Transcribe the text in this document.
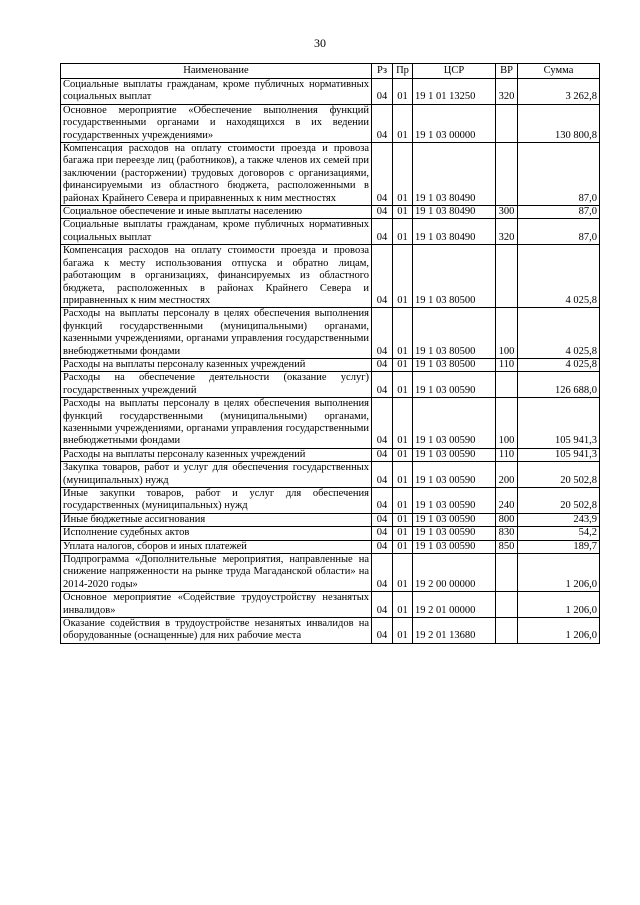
30
Наименование	Рз	Пр	ЦСР	ВР	Сумма
Социальные выплаты гражданам, кроме публичных нормативных социальных выплат	04	01	19 1 01 13250	320	3 262,8
Основное мероприятие «Обеспечение выполнения функций государственными органами и находящихся в их ведении государственных учреждениями»	04	01	19 1 03 00000		130 800,8
Компенсация расходов на оплату стоимости проезда и провоза багажа при переезде лиц (работников), а также членов их семей при заключении (расторжении) трудовых договоров с организациями, финансируемыми из областного бюджета, расположенными в районах Крайнего Севера и приравненных к ним местностях	04	01	19 1 03 80490		87,0
Социальное обеспечение и иные выплаты населению	04	01	19 1 03 80490	300	87,0
Социальные выплаты гражданам, кроме публичных нормативных социальных выплат	04	01	19 1 03 80490	320	87,0
Компенсация расходов на оплату стоимости проезда и провоза багажа к месту использования отпуска и обратно лицам, работающим в организациях, финансируемых из областного бюджета, расположенных в районах Крайнего Севера и приравненных к ним местностях	04	01	19 1 03 80500		4 025,8
Расходы на выплаты персоналу в целях обеспечения выполнения функций государственными (муниципальными) органами, казенными учреждениями, органами управления государственными внебюджетными фондами	04	01	19 1 03 80500	100	4 025,8
Расходы на выплаты персоналу казенных учреждений	04	01	19 1 03 80500	110	4 025,8
Расходы на обеспечение деятельности (оказание услуг) государственных учреждений	04	01	19 1 03 00590		126 688,0
Расходы на выплаты персоналу в целях обеспечения выполнения функций государственными (муниципальными) органами, казенными учреждениями, органами управления государственными внебюджетными фондами	04	01	19 1 03 00590	100	105 941,3
Расходы на выплаты персоналу казенных учреждений	04	01	19 1 03 00590	110	105 941,3
Закупка товаров, работ и услуг для обеспечения государственных (муниципальных) нужд	04	01	19 1 03 00590	200	20 502,8
Иные закупки товаров, работ и услуг для обеспечения государственных (муниципальных) нужд	04	01	19 1 03 00590	240	20 502,8
Иные бюджетные ассигнования	04	01	19 1 03 00590	800	243,9
Исполнение судебных актов	04	01	19 1 03 00590	830	54,2
Уплата налогов, сборов и иных платежей	04	01	19 1 03 00590	850	189,7
Подпрограмма «Дополнительные мероприятия, направленные на снижение напряженности на рынке труда Магаданской области» на 2014-2020 годы»	04	01	19 2 00 00000		1 206,0
Основное мероприятие «Содействие трудоустройству незанятых инвалидов»	04	01	19 2 01 00000		1 206,0
Оказание содействия в трудоустройстве незанятых инвалидов на оборудованные (оснащенные) для них рабочие места	04	01	19 2 01 13680		1 206,0
